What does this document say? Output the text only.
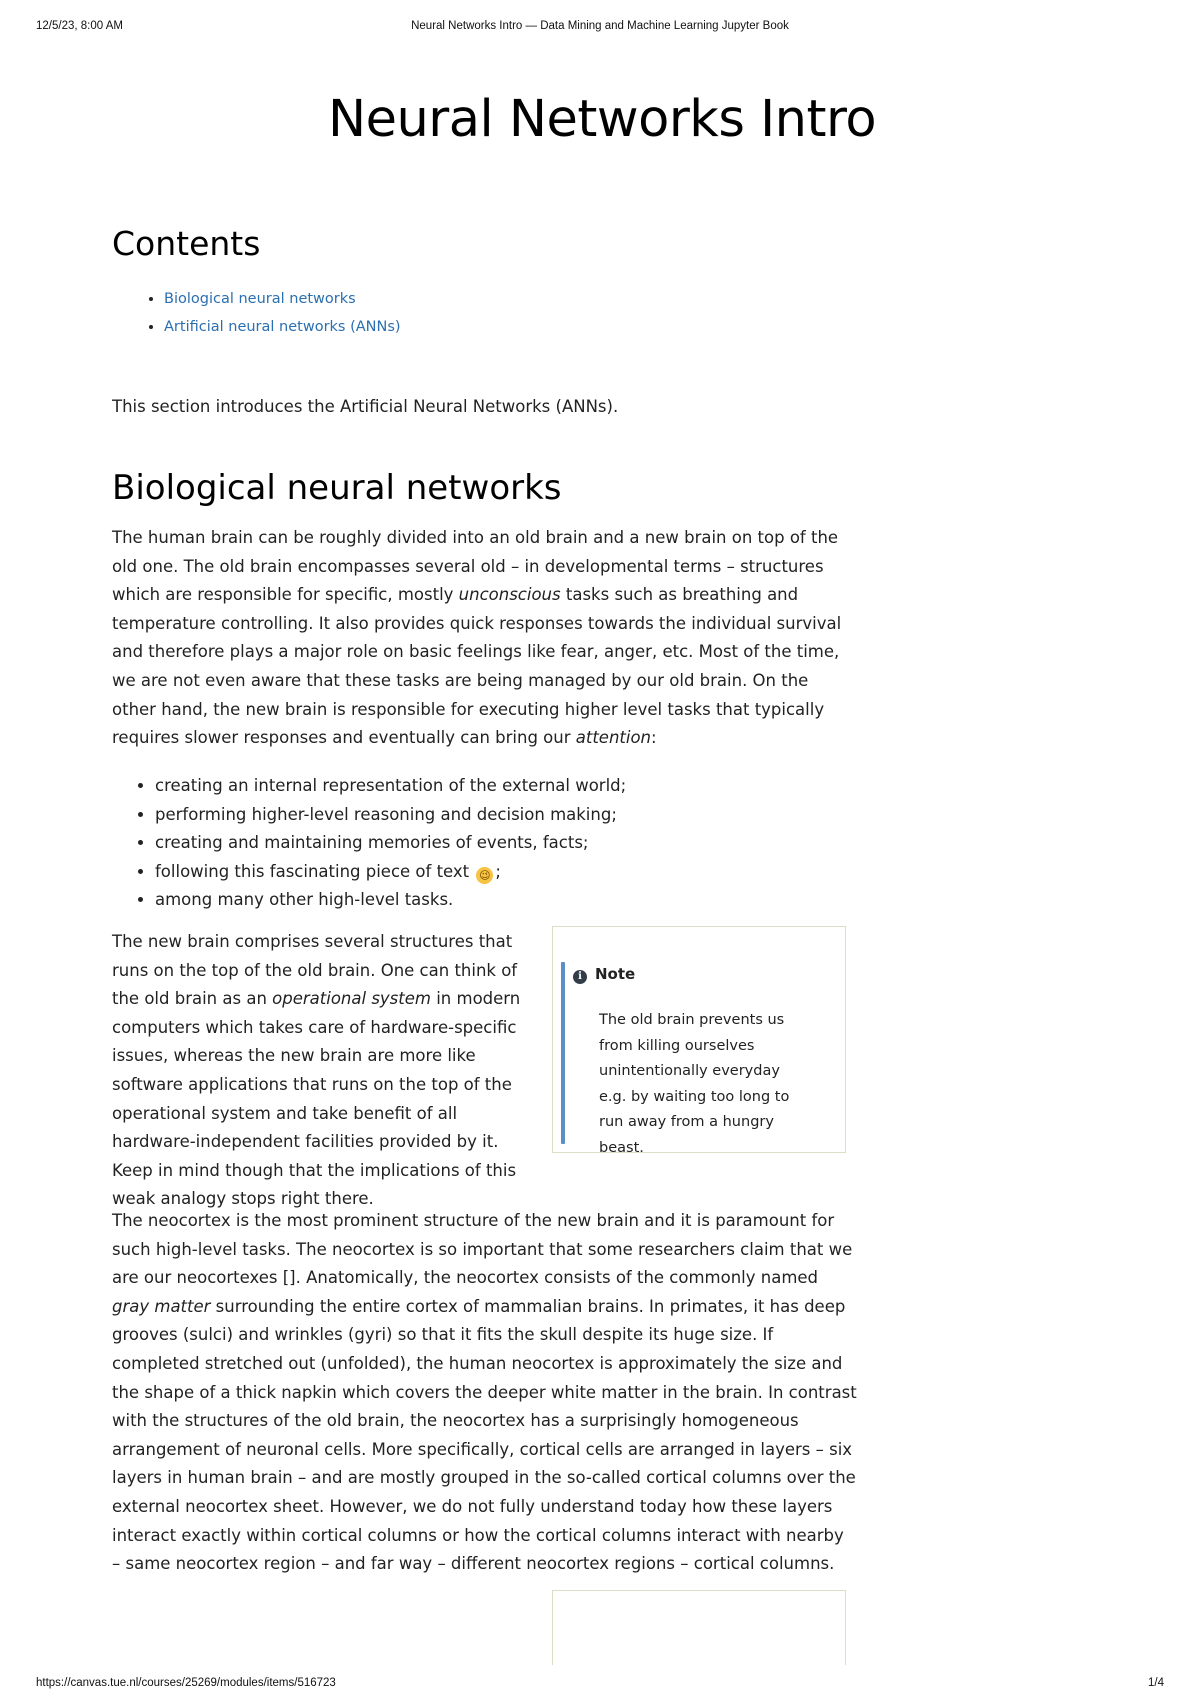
12/5/23, 8:00 AM	Neural Networks Intro — Data Mining and Machine Learning Jupyter Book
Neural Networks Intro
Contents
• Biological neural networks
• Artificial neural networks (ANNs)

This section introduces the Artificial Neural Networks (ANNs).

Biological neural networks

The human brain can be roughly divided into an old brain and a new brain on top of the old one. The old brain encompasses several old – in developmental terms – structures which are responsible for specific, mostly unconscious tasks such as breathing and temperature controlling. It also provides quick responses towards the individual survival and therefore plays a major role on basic feelings like fear, anger, etc. Most of the time, we are not even aware that these tasks are being managed by our old brain. On the other hand, the new brain is responsible for executing higher level tasks that typically requires slower responses and eventually can bring our attention:

• creating an internal representation of the external world;
• performing higher-level reasoning and decision making;
• creating and maintaining memories of events, facts;
• following this fascinating piece of text 😉 ;
• among many other high-level tasks.

The new brain comprises several structures that runs on the top of the old brain. One can think of the old brain as an operational system in modern computers which takes care of hardware-specific issues, whereas the new brain are more like software applications that runs on the top of the operational system and take benefit of all hardware-independent facilities provided by it. Keep in mind though that the implications of this weak analogy stops right there.

i Note

The old brain prevents us from killing ourselves unintentionally everyday e.g. by waiting too long to run away from a hungry beast.

The neocortex is the most prominent structure of the new brain and it is paramount for such high-level tasks. The neocortex is so important that some researchers claim that we are our neocortexes []. Anatomically, the neocortex consists of the commonly named gray matter surrounding the entire cortex of mammalian brains. In primates, it has deep grooves (sulci) and wrinkles (gyri) so that it fits the skull despite its huge size. If completed stretched out (unfolded), the human neocortex is approximately the size and the shape of a thick napkin which covers the deeper white matter in the brain. In contrast with the structures of the old brain, the neocortex has a surprisingly homogeneous arrangement of neuronal cells. More specifically, cortical cells are arranged in layers – six layers in human brain – and are mostly grouped in the so-called cortical columns over the external neocortex sheet. However, we do not fully understand today how these layers interact exactly within cortical columns or how the cortical columns interact with nearby – same neocortex region – and far way – different neocortex regions – cortical columns.

https://canvas.tue.nl/courses/25269/modules/items/516723	1/4
